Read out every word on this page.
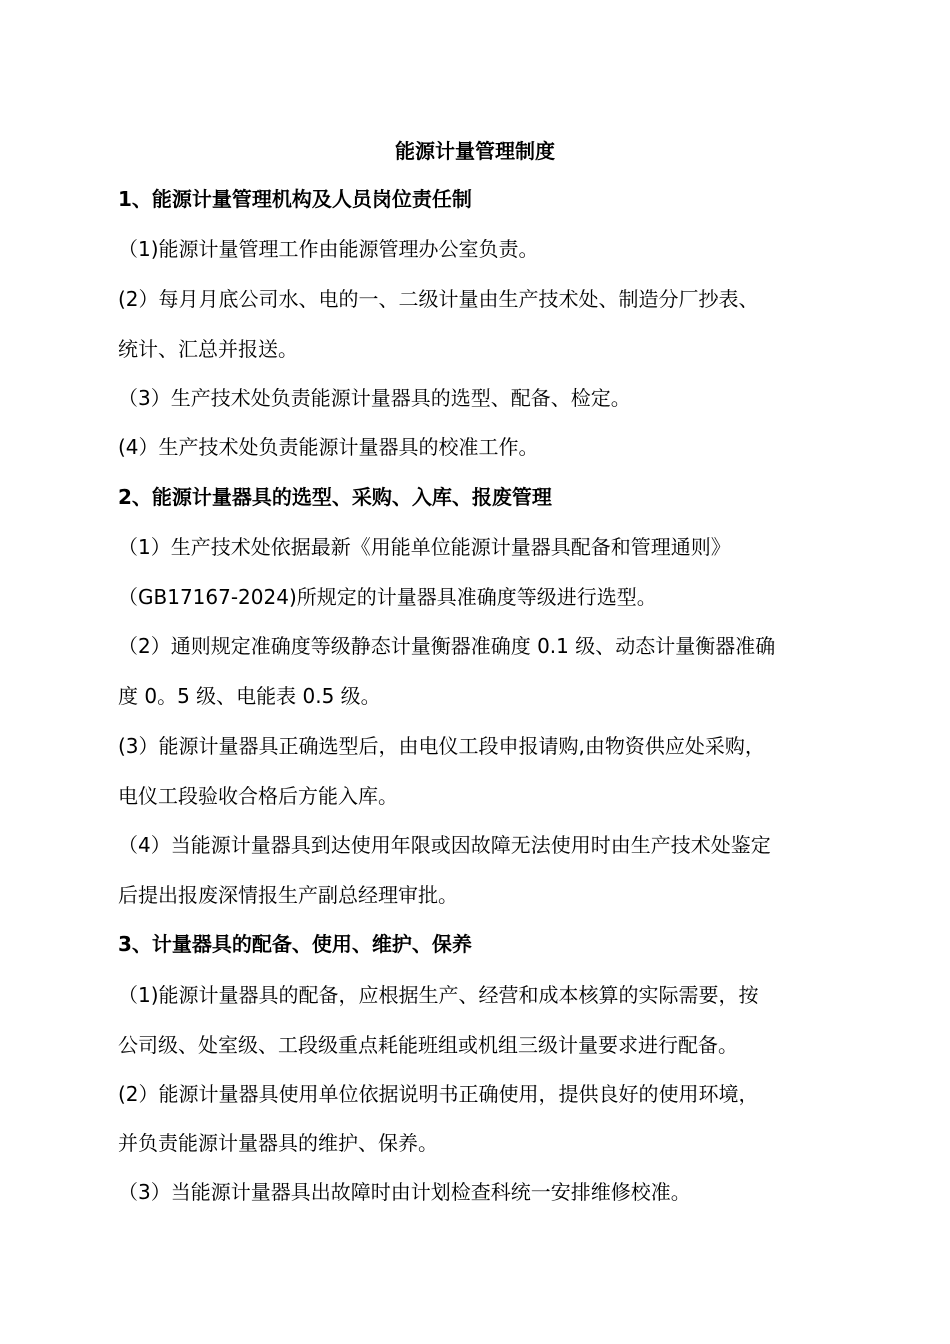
能源计量管理制度
1、能源计量管理机构及人员岗位责任制
（1)能源计量管理工作由能源管理办公室负责。
(2）每月月底公司水、电的一、二级计量由生产技术处、制造分厂抄表、
统计、汇总并报送。
（3）生产技术处负责能源计量器具的选型、配备、检定。
(4）生产技术处负责能源计量器具的校准工作。
2、能源计量器具的选型、采购、入库、报废管理
（1）生产技术处依据最新《用能单位能源计量器具配备和管理通则》
（GB17167-2024)所规定的计量器具准确度等级进行选型。
（2）通则规定准确度等级静态计量衡器准确度 0.1 级、动态计量衡器准确
度 0。5 级、电能表 0.5 级。
(3）能源计量器具正确选型后，由电仪工段申报请购,由物资供应处采购，
电仪工段验收合格后方能入库。
（4）当能源计量器具到达使用年限或因故障无法使用时由生产技术处鉴定
后提出报废深情报生产副总经理审批。
3、计量器具的配备、使用、维护、保养
（1)能源计量器具的配备，应根据生产、经营和成本核算的实际需要，按
公司级、处室级、工段级重点耗能班组或机组三级计量要求进行配备。
(2）能源计量器具使用单位依据说明书正确使用，提供良好的使用环境，
并负责能源计量器具的维护、保养。
（3）当能源计量器具出故障时由计划检查科统一安排维修校准。
